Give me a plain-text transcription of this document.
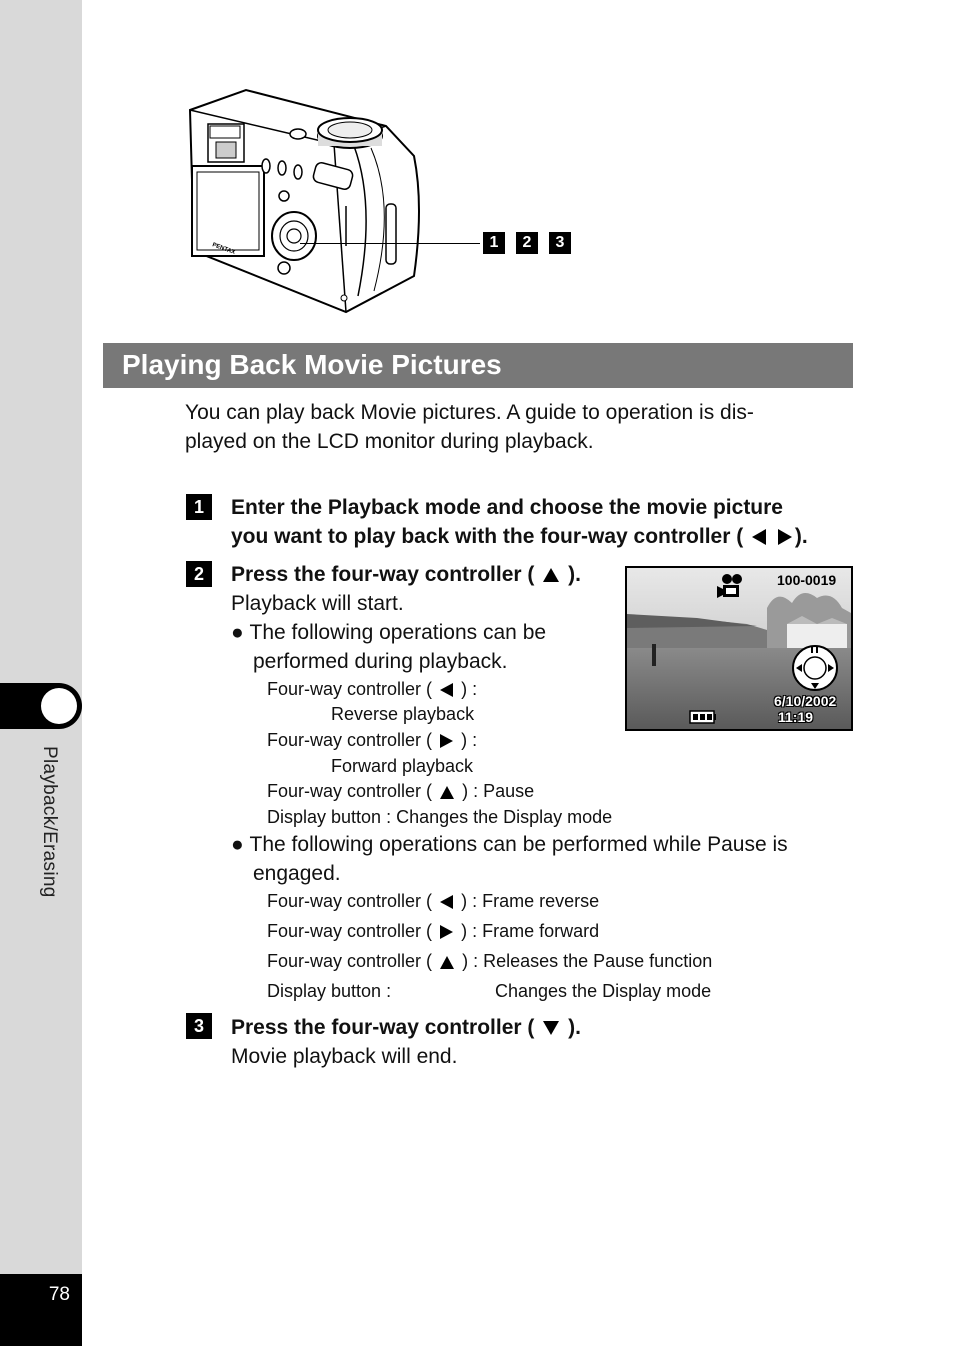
Playback/Erasing
78
PENTAX	1	2	3
Playing Back Movie Pictures
You can play back Movie pictures. A guide to operation is dis-
played on the LCD monitor during playback.
1	Enter the Playback mode and choose the movie picture
you want to play back with the four-way controller ( ).
2	Press the four-way controller ( ).
Playback will start.
● The following operations can be
performed during playback.
Four-way controller ( ) :
Reverse playback
Four-way controller ( ) :
Forward playback
Four-way controller ( ) : Pause
Display button : Changes the Display mode
● The following operations can be performed while Pause is
engaged.
Four-way controller ( ) : Frame reverse
Four-way controller ( ) : Frame forward
Four-way controller ( ) : Releases the Pause function
Display button :	Changes the Display mode
3	Press the four-way controller ( ).
Movie playback will end.
100-0019
6/10/2002
11:19
